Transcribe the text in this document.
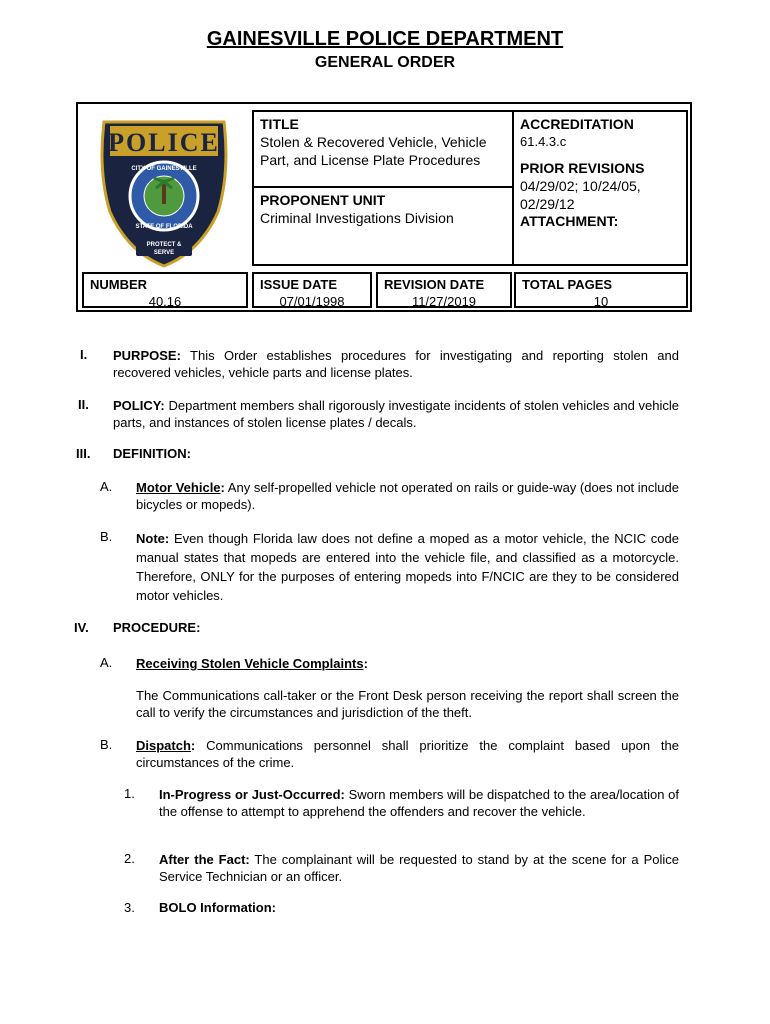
GAINESVILLE POLICE DEPARTMENT
GENERAL ORDER
POLICE
CITY OF GAINESVILLE
STATE OF FLORIDA
PROTECT &
SERVE
TITLE
Stolen & Recovered Vehicle, Vehicle Part, and License Plate Procedures
PROPONENT UNIT
Criminal Investigations Division
ACCREDITATION
61.4.3.c
PRIOR REVISIONS
04/29/02; 10/24/05, 02/29/12
ATTACHMENT:
NUMBER
40.16
ISSUE DATE
07/01/1998
REVISION DATE
11/27/2019
TOTAL PAGES
10
I. PURPOSE: This Order establishes procedures for investigating and reporting stolen and recovered vehicles, vehicle parts and license plates.
II. POLICY: Department members shall rigorously investigate incidents of stolen vehicles and vehicle parts, and instances of stolen license plates / decals.
III. DEFINITION:
A. Motor Vehicle: Any self-propelled vehicle not operated on rails or guide-way (does not include bicycles or mopeds).
B. Note: Even though Florida law does not define a moped as a motor vehicle, the NCIC code manual states that mopeds are entered into the vehicle file, and classified as a motorcycle. Therefore, ONLY for the purposes of entering mopeds into F/NCIC are they to be considered motor vehicles.
IV. PROCEDURE:
A. Receiving Stolen Vehicle Complaints:
The Communications call-taker or the Front Desk person receiving the report shall screen the call to verify the circumstances and jurisdiction of the theft.
B. Dispatch: Communications personnel shall prioritize the complaint based upon the circumstances of the crime.
1. In-Progress or Just-Occurred: Sworn members will be dispatched to the area/location of the offense to attempt to apprehend the offenders and recover the vehicle.
2. After the Fact: The complainant will be requested to stand by at the scene for a Police Service Technician or an officer.
3. BOLO Information:
